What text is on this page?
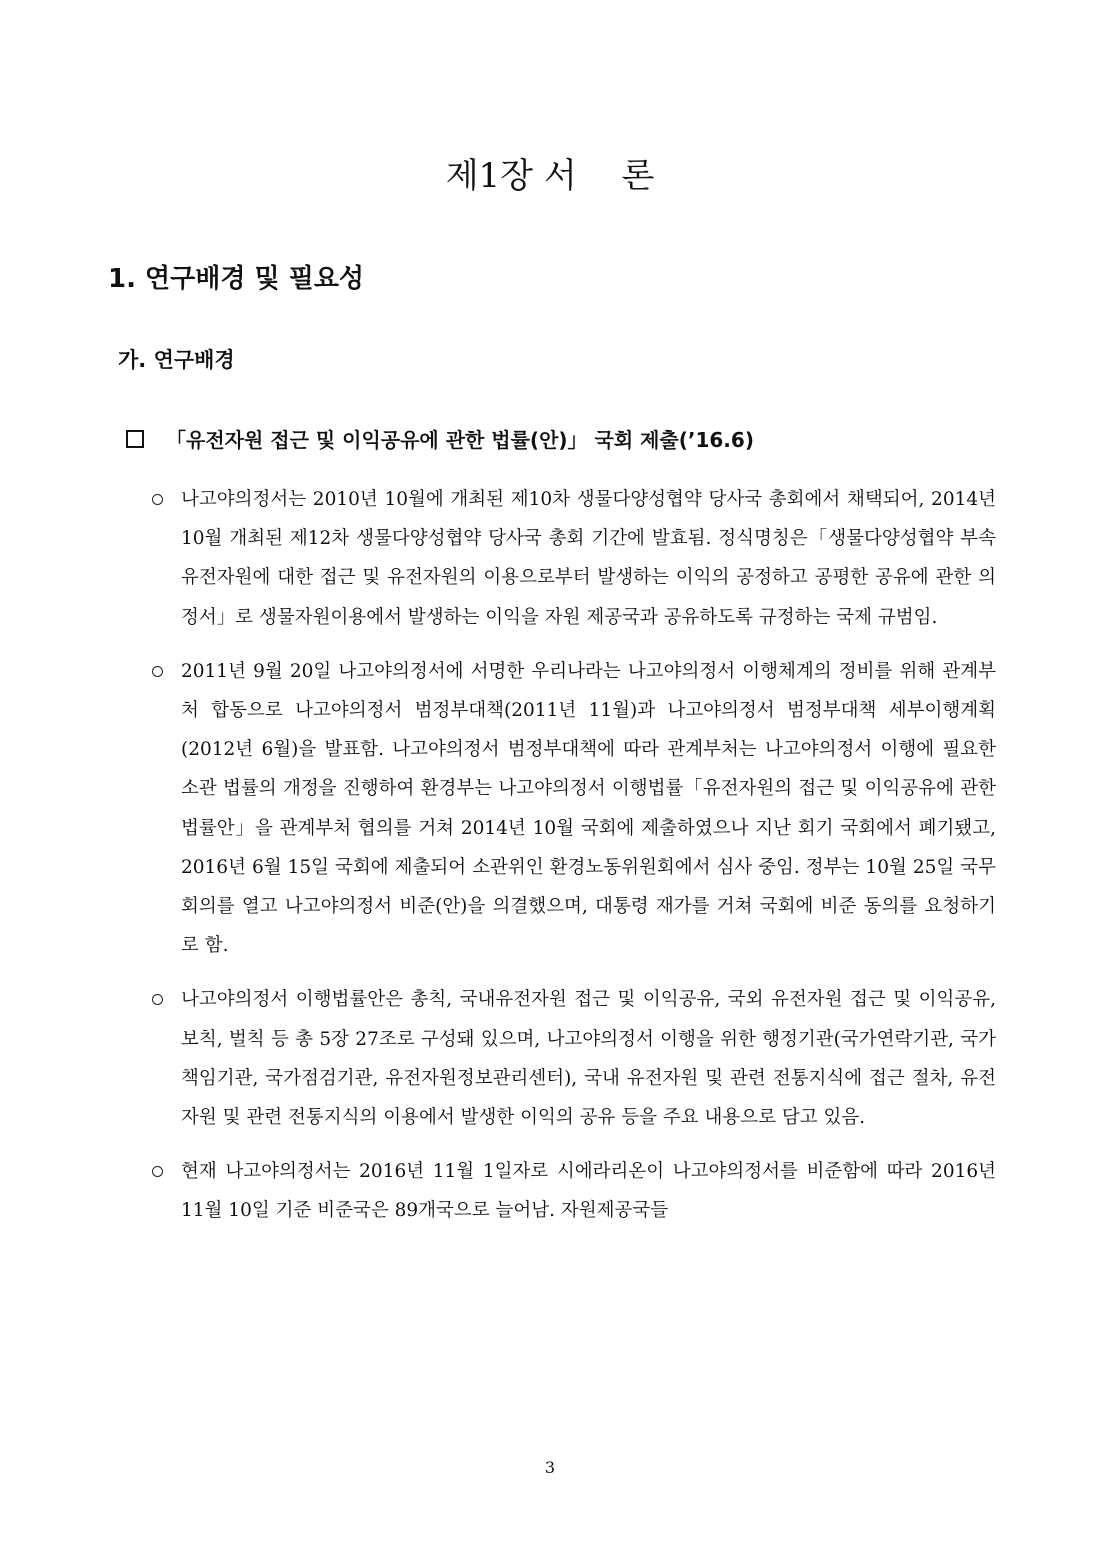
제1장 서　 론
1. 연구배경 및 필요성
가. 연구배경
「유전자원 접근 및 이익공유에 관한 법률(안)」 국회 제출(’16.6)

나고야의정서는 2010년 10월에 개최된 제10차 생물다양성협약 당사국 총회에서 채택되어, 2014년 10월 개최된 제12차 생물다양성협약 당사국 총회 기간에 발효됨. 정식명칭은「생물다양성협약 부속 유전자원에 대한 접근 및 유전자원의 이용으로부터 발생하는 이익의 공정하고 공평한 공유에 관한 의정서」로 생물자원이용에서 발생하는 이익을 자원 제공국과 공유하도록 규정하는 국제 규범임.

2011년 9월 20일 나고야의정서에 서명한 우리나라는 나고야의정서 이행체계의 정비를 위해 관계부처 합동으로 나고야의정서 범정부대책(2011년 11월)과 나고야의정서 범정부대책 세부이행계획(2012년 6월)을 발표함. 나고야의정서 범정부대책에 따라 관계부처는 나고야의정서 이행에 필요한 소관 법률의 개정을 진행하여 환경부는 나고야의정서 이행법률「유전자원의 접근 및 이익공유에 관한 법률안」을 관계부처 협의를 거쳐 2014년 10월 국회에 제출하였으나 지난 회기 국회에서 폐기됐고, 2016년 6월 15일 국회에 제출되어 소관위인 환경노동위원회에서 심사 중임. 정부는 10월 25일 국무회의를 열고 나고야의정서 비준(안)을 의결했으며, 대통령 재가를 거쳐 국회에 비준 동의를 요청하기로 함.

나고야의정서 이행법률안은 총칙, 국내유전자원 접근 및 이익공유, 국외 유전자원 접근 및 이익공유, 보칙, 벌칙 등 총 5장 27조로 구성돼 있으며, 나고야의정서 이행을 위한 행정기관(국가연락기관, 국가책임기관, 국가점검기관, 유전자원정보관리센터), 국내 유전자원 및 관련 전통지식에 접근 절차, 유전자원 및 관련 전통지식의 이용에서 발생한 이익의 공유 등을 주요 내용으로 담고 있음.

현재 나고야의정서는 2016년 11월 1일자로 시에라리온이 나고야의정서를 비준함에 따라 2016년 11월 10일 기준 비준국은 89개국으로 늘어남. 자원제공국들

3
